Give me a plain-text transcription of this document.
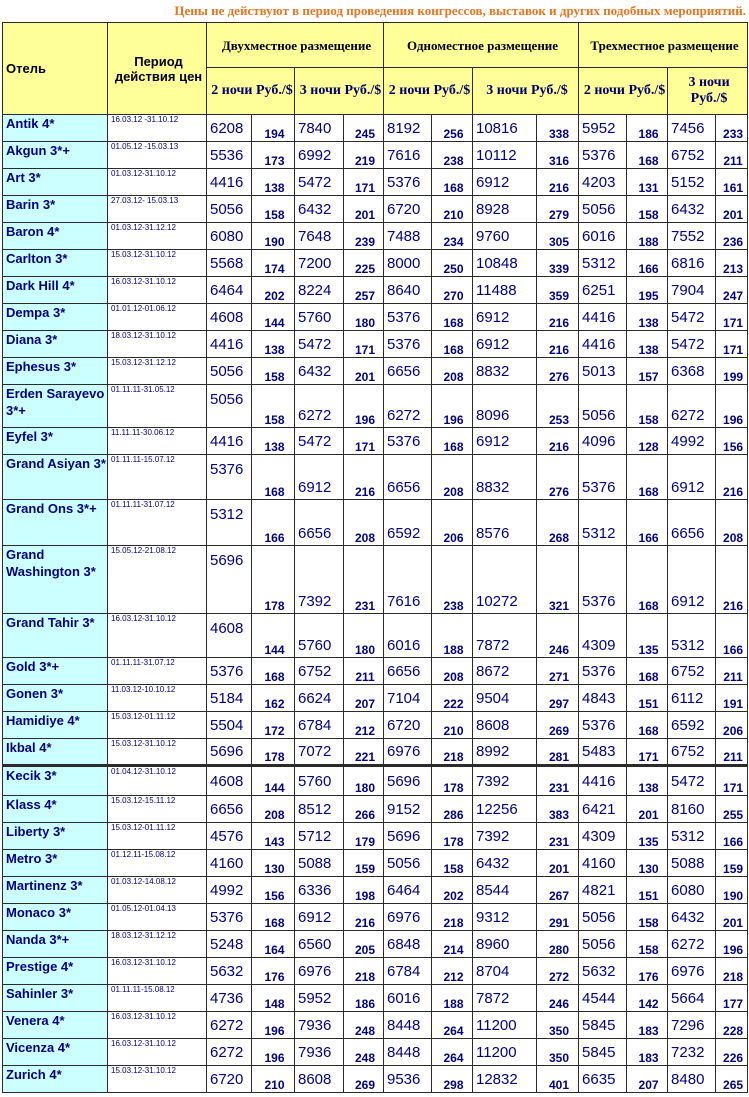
Цены не действуют в период проведения конгрессов, выставок и других подобных мероприятий.
Отель	Период действия цен	Двухместное размещение				Одноместное размещение				Трехместное размещение			
		2 ночи Руб./$		3 ночи Руб./$		2 ночи Руб./$		3 ночи Руб./$		2 ночи Руб./$		3 ночи Руб./$	
Antik 4*	16.03.12 -31.10.12	6208	194	7840	245	8192	256	10816	338	5952	186	7456	233
Akgun 3*+	01.05.12 -15.03.13	5536	173	6992	219	7616	238	10112	316	5376	168	6752	211
Art 3*	01.03.12-31.10.12	4416	138	5472	171	5376	168	6912	216	4203	131	5152	161
Barin 3*	27.03.12- 15.03.13	5056	158	6432	201	6720	210	8928	279	5056	158	6432	201
Baron 4*	01.03.12-31.12.12	6080	190	7648	239	7488	234	9760	305	6016	188	7552	236
Carlton 3*	15.03.12-31.10.12	5568	174	7200	225	8000	250	10848	339	5312	166	6816	213
Dark Hill 4*	16.03.12-31.10.12	6464	202	8224	257	8640	270	11488	359	6251	195	7904	247
Dempa 3*	01.01.12-01.06.12	4608	144	5760	180	5376	168	6912	216	4416	138	5472	171
Diana 3*	18.03.12-31.10.12	4416	138	5472	171	5376	168	6912	216	4416	138	5472	171
Ephesus 3*	15.03.12-31.12.12	5056	158	6432	201	6656	208	8832	276	5013	157	6368	199
Erden Sarayevo 3*+	01.11.11-31.05.12	5056	158	6272	196	6272	196	8096	253	5056	158	6272	196
Eyfel 3*	11.11.11-30.06.12	4416	138	5472	171	5376	168	6912	216	4096	128	4992	156
Grand Asiyan 3*	01.11.11-15.07.12	5376	168	6912	216	6656	208	8832	276	5376	168	6912	216
Grand Ons 3*+	01.11.11-31.07.12	5312	166	6656	208	6592	206	8576	268	5312	166	6656	208
Grand Washington 3*	15.05.12-21.08.12	5696	178	7392	231	7616	238	10272	321	5376	168	6912	216
Grand Tahir 3*	16.03.12-31.10.12	4608	144	5760	180	6016	188	7872	246	4309	135	5312	166
Gold 3*+	01.11.11-31.07.12	5376	168	6752	211	6656	208	8672	271	5376	168	6752	211
Gonen 3*	11.03.12-10.10.12	5184	162	6624	207	7104	222	9504	297	4843	151	6112	191
Hamidiye 4*	15.03.12-01.11.12	5504	172	6784	212	6720	210	8608	269	5376	168	6592	206
Ikbal 4*	15.03.12-31.10.12	5696	178	7072	221	6976	218	8992	281	5483	171	6752	211
Kecik 3*	01.04.12-31.10.12	4608	144	5760	180	5696	178	7392	231	4416	138	5472	171
Klass 4*	15.03.12-15.11.12	6656	208	8512	266	9152	286	12256	383	6421	201	8160	255
Liberty 3*	15.03.12-01.11.12	4576	143	5712	179	5696	178	7392	231	4309	135	5312	166
Metro 3*	01.12.11-15.08.12	4160	130	5088	159	5056	158	6432	201	4160	130	5088	159
Martinenz 3*	01.03.12-14.08.12	4992	156	6336	198	6464	202	8544	267	4821	151	6080	190
Monaco 3*	01.05.12-01.04.13	5376	168	6912	216	6976	218	9312	291	5056	158	6432	201
Nanda 3*+	18.03.12-31.12.12	5248	164	6560	205	6848	214	8960	280	5056	158	6272	196
Prestige 4*	16.03.12-31.10.12	5632	176	6976	218	6784	212	8704	272	5632	176	6976	218
Sahinler 3*	01.11.11-15.08.12	4736	148	5952	186	6016	188	7872	246	4544	142	5664	177
Venera 4*	16.03.12-31.10.12	6272	196	7936	248	8448	264	11200	350	5845	183	7296	228
Vicenza 4*	16.03.12-31.10.12	6272	196	7936	248	8448	264	11200	350	5845	183	7232	226
Zurich 4*	15.03.12-31.10.12	6720	210	8608	269	9536	298	12832	401	6635	207	8480	265
